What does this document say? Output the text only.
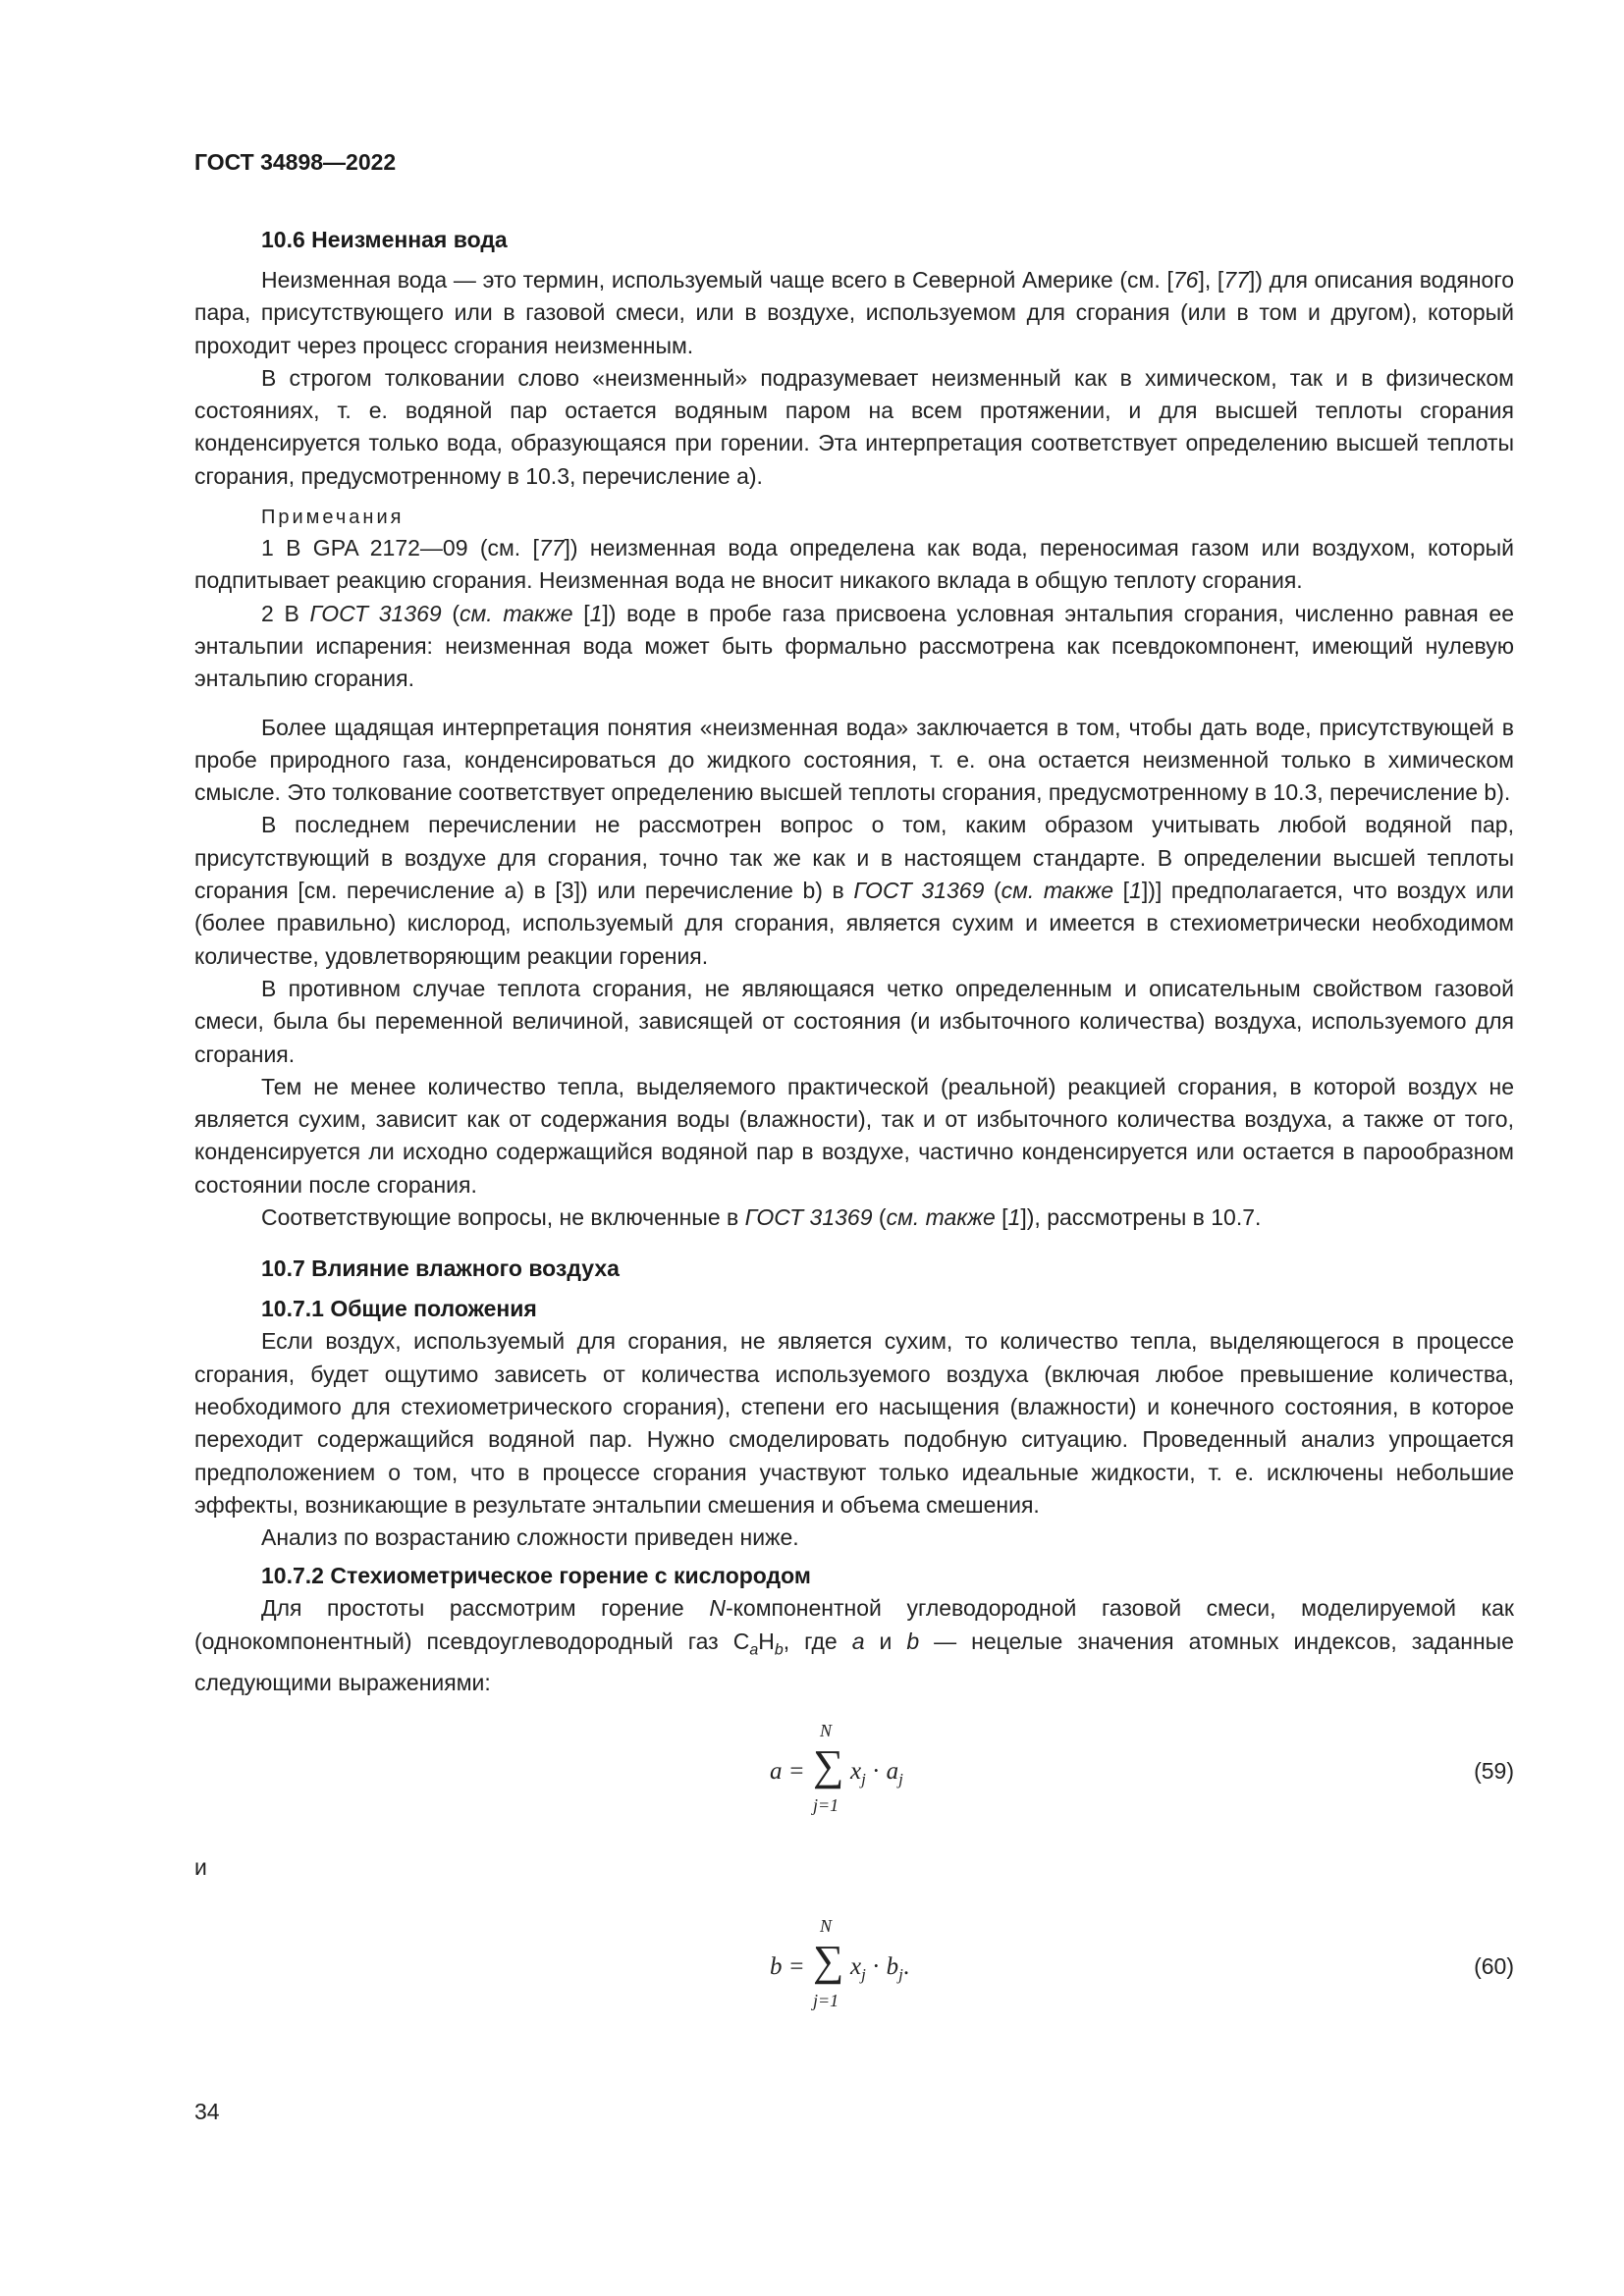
ГОСТ 34898—2022
10.6 Неизменная вода

Неизменная вода — это термин, используемый чаще всего в Северной Америке (см. [76], [77]) для описания водяного пара, присутствующего или в газовой смеси, или в воздухе, используемом для сгорания (или в том и другом), который проходит через процесс сгорания неизменным.

В строгом толковании слово «неизменный» подразумевает неизменный как в химическом, так и в физическом состояниях, т. е. водяной пар остается водяным паром на всем протяжении, и для высшей теплоты сгорания конденсируется только вода, образующаяся при горении. Эта интерпретация соответствует определению высшей теплоты сгорания, предусмотренному в 10.3, перечисление а).

Примечания

1 В GPA 2172—09 (см. [77]) неизменная вода определена как вода, переносимая газом или воздухом, который подпитывает реакцию сгорания. Неизменная вода не вносит никакого вклада в общую теплоту сгорания.

2 В ГОСТ 31369 (см. также [1]) воде в пробе газа присвоена условная энтальпия сгорания, численно равная ее энтальпии испарения: неизменная вода может быть формально рассмотрена как псевдокомпонент, имеющий нулевую энтальпию сгорания.

Более щадящая интерпретация понятия «неизменная вода» заключается в том, чтобы дать воде, присутствующей в пробе природного газа, конденсироваться до жидкого состояния, т. е. она остается неизменной только в химическом смысле. Это толкование соответствует определению высшей теплоты сгорания, предусмотренному в 10.3, перечисление b).

В последнем перечислении не рассмотрен вопрос о том, каким образом учитывать любой водяной пар, присутствующий в воздухе для сгорания, точно так же как и в настоящем стандарте. В определении высшей теплоты сгорания [см. перечисление а) в [3]) или перечисление b) в ГОСТ 31369 (см. также [1])] предполагается, что воздух или (более правильно) кислород, используемый для сгорания, является сухим и имеется в стехиометрически необходимом количестве, удовлетворяющим реакции горения.

В противном случае теплота сгорания, не являющаяся четко определенным и описательным свойством газовой смеси, была бы переменной величиной, зависящей от состояния (и избыточного количества) воздуха, используемого для сгорания.

Тем не менее количество тепла, выделяемого практической (реальной) реакцией сгорания, в которой воздух не является сухим, зависит как от содержания воды (влажности), так и от избыточного количества воздуха, а также от того, конденсируется ли исходно содержащийся водяной пар в воздухе, частично конденсируется или остается в парообразном состоянии после сгорания.

Соответствующие вопросы, не включенные в ГОСТ 31369 (см. также [1]), рассмотрены в 10.7.

10.7 Влияние влажного воздуха
10.7.1 Общие положения

Если воздух, используемый для сгорания, не является сухим, то количество тепла, выделяющегося в процессе сгорания, будет ощутимо зависеть от количества используемого воздуха (включая любое превышение количества, необходимого для стехиометрического сгорания), степени его насыщения (влажности) и конечного состояния, в которое переходит содержащийся водяной пар. Нужно смоделировать подобную ситуацию. Проведенный анализ упрощается предположением о том, что в процессе сгорания участвуют только идеальные жидкости, т. е. исключены небольшие эффекты, возникающие в результате энтальпии смешения и объема смешения.

Анализ по возрастанию сложности приведен ниже.

10.7.2 Стехиометрическое горение с кислородом

Для простоты рассмотрим горение N-компонентной углеводородной газовой смеси, моделируемой как (однокомпонентный) псевдоуглеводородный газ $C_aH_b$, где a и b — нецелые значения атомных индексов, заданные следующими выражениями:

a =
N
∑
j=1
$x_j \cdot a_j$	(59)
и
b =
N
∑
j=1
$x_j \cdot b_j$.	(60)
34
